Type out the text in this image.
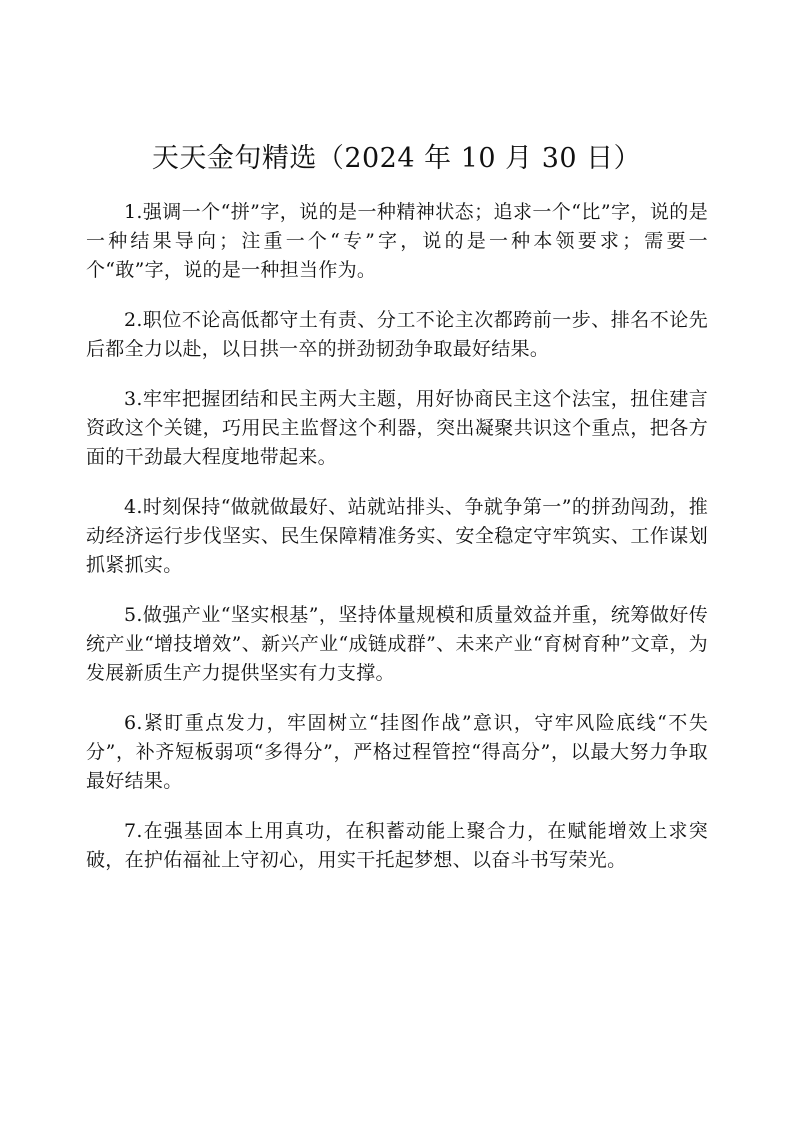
天天金句精选（2024 年 10 月 30 日）

1.强调一个“拼”字，说的是一种精神状态；追求一个“比”字，说的是一种结果导向；注重一个“专”字，说的是一种本领要求；需要一个“敢”字，说的是一种担当作为。

2.职位不论高低都守土有责、分工不论主次都跨前一步、排名不论先后都全力以赴，以日拱一卒的拼劲韧劲争取最好结果。

3.牢牢把握团结和民主两大主题，用好协商民主这个法宝，扭住建言资政这个关键，巧用民主监督这个利器，突出凝聚共识这个重点，把各方面的干劲最大程度地带起来。

4.时刻保持“做就做最好、站就站排头、争就争第一”的拼劲闯劲，推动经济运行步伐坚实、民生保障精准务实、安全稳定守牢筑实、工作谋划抓紧抓实。

5.做强产业“坚实根基”，坚持体量规模和质量效益并重，统筹做好传统产业“增技增效”、新兴产业“成链成群”、未来产业“育树育种”文章，为发展新质生产力提供坚实有力支撑。

6.紧盯重点发力，牢固树立“挂图作战”意识，守牢风险底线“不失分”，补齐短板弱项“多得分”，严格过程管控“得高分”，以最大努力争取最好结果。

7.在强基固本上用真功，在积蓄动能上聚合力，在赋能增效上求突破，在护佑福祉上守初心，用实干托起梦想、以奋斗书写荣光。
